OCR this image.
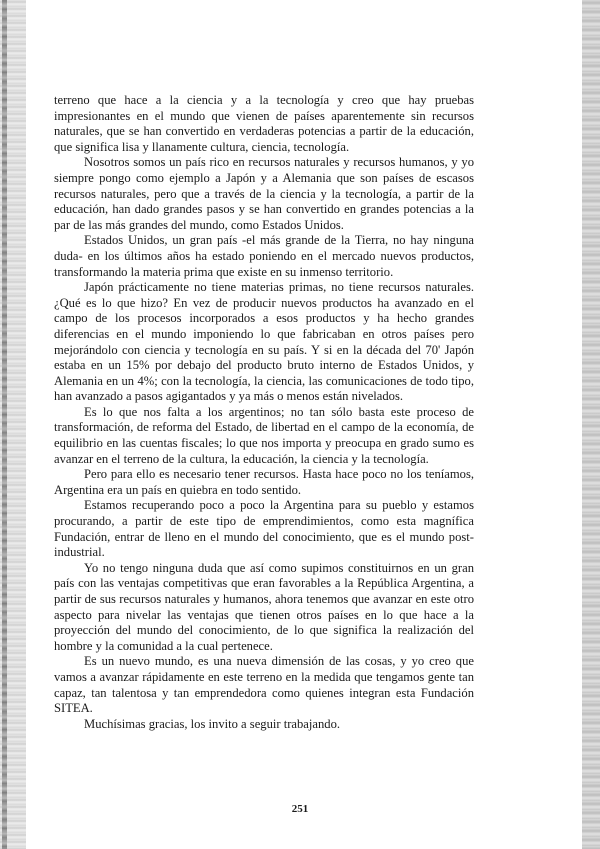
terreno que hace a la ciencia y a la tecnología y creo que hay pruebas impresionantes en el mundo que vienen de países aparentemente sin recursos naturales, que se han convertido en verdaderas potencias a partir de la educación, que significa lisa y llanamente cultura, ciencia, tecnología.

Nosotros somos un país rico en recursos naturales y recursos humanos, y yo siempre pongo como ejemplo a Japón y a Alemania que son países de escasos recursos naturales, pero que a través de la ciencia y la tecnología, a partir de la educación, han dado grandes pasos y se han convertido en grandes potencias a la par de las más grandes del mundo, como Estados Unidos.

Estados Unidos, un gran país -el más grande de la Tierra, no hay ninguna duda- en los últimos años ha estado poniendo en el mercado nuevos productos, transformando la materia prima que existe en su inmenso territorio.

Japón prácticamente no tiene materias primas, no tiene recursos naturales. ¿Qué es lo que hizo? En vez de producir nuevos productos ha avanzado en el campo de los procesos incorporados a esos productos y ha hecho grandes diferencias en el mundo imponiendo lo que fabricaban en otros países pero mejorándolo con ciencia y tecnología en su país. Y si en la década del 70' Japón estaba en un 15% por debajo del producto bruto interno de Estados Unidos, y Alemania en un 4%; con la tecnología, la ciencia, las comunicaciones de todo tipo, han avanzado a pasos agigantados y ya más o menos están nivelados.

Es lo que nos falta a los argentinos; no tan sólo basta este proceso de transformación, de reforma del Estado, de libertad en el campo de la economía, de equilibrio en las cuentas fiscales; lo que nos importa y preocupa en grado sumo es avanzar en el terreno de la cultura, la educación, la ciencia y la tecnología.

Pero para ello es necesario tener recursos. Hasta hace poco no los teníamos, Argentina era un país en quiebra en todo sentido.

Estamos recuperando poco a poco la Argentina para su pueblo y estamos procurando, a partir de este tipo de emprendimientos, como esta magnífica Fundación, entrar de lleno en el mundo del conocimiento, que es el mundo post-industrial.

Yo no tengo ninguna duda que así como supimos constituirnos en un gran país con las ventajas competitivas que eran favorables a la República Argentina, a partir de sus recursos naturales y humanos, ahora tenemos que avanzar en este otro aspecto para nivelar las ventajas que tienen otros países en lo que hace a la proyección del mundo del conocimiento, de lo que significa la realización del hombre y la comunidad a la cual pertenece.

Es un nuevo mundo, es una nueva dimensión de las cosas, y yo creo que vamos a avanzar rápidamente en este terreno en la medida que tengamos gente tan capaz, tan talentosa y tan emprendedora como quienes integran esta Fundación SITEA.

Muchísimas gracias, los invito a seguir trabajando.

251
